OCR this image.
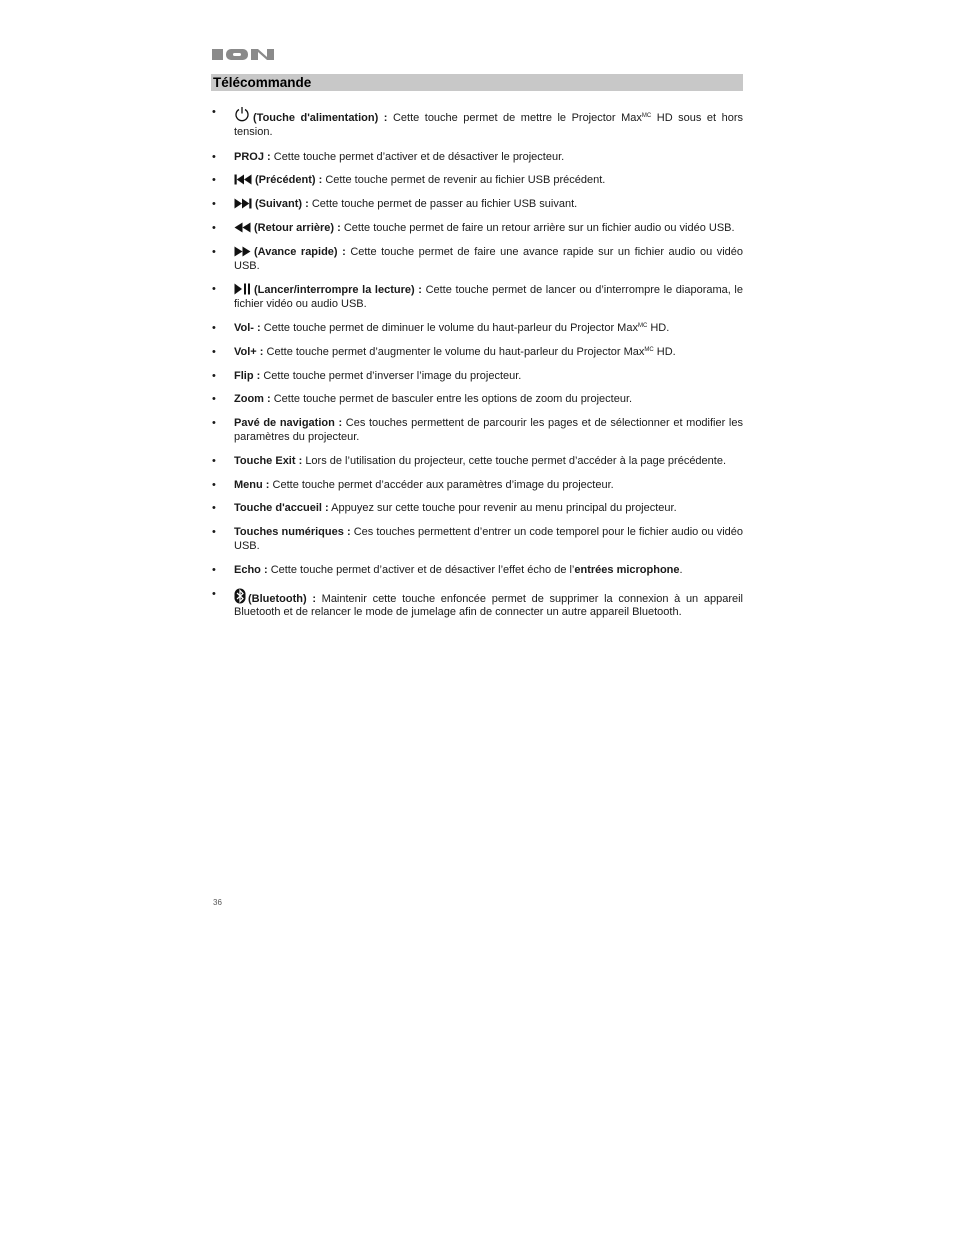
Télécommande
•	(Touche d'alimentation) : Cette touche permet de mettre le Projector Max$^{MC}$ HD sous et hors tension.
• PROJ : Cette touche permet d’activer et de désactiver le projecteur.
•	(Précédent) : Cette touche permet de revenir au fichier USB précédent.
•	(Suivant) : Cette touche permet de passer au fichier USB suivant.
•	(Retour arrière) : Cette touche permet de faire un retour arrière sur un fichier audio ou vidéo USB.
•	(Avance rapide) : Cette touche permet de faire une avance rapide sur un fichier audio ou vidéo USB.
•	(Lancer/interrompre la lecture) : Cette touche permet de lancer ou d’interrompre le diaporama, le fichier vidéo ou audio USB.
• Vol- : Cette touche permet de diminuer le volume du haut-parleur du Projector Max$^{MC}$ HD.
• Vol+ : Cette touche permet d’augmenter le volume du haut-parleur du Projector Max$^{MC}$ HD.
• Flip : Cette touche permet d’inverser l’image du projecteur.
• Zoom : Cette touche permet de basculer entre les options de zoom du projecteur.
• Pavé de navigation : Ces touches permettent de parcourir les pages et de sélectionner et modifier les paramètres du projecteur.
• Touche Exit : Lors de l’utilisation du projecteur, cette touche permet d’accéder à la page précédente.
• Menu : Cette touche permet d’accéder aux paramètres d’image du projecteur.
• Touche d'accueil : Appuyez sur cette touche pour revenir au menu principal du projecteur.
• Touches numériques : Ces touches permettent d’entrer un code temporel pour le fichier audio ou vidéo USB.
• Echo : Cette touche permet d’activer et de désactiver l’effet écho de l’entrées microphone.
•	(Bluetooth) : Maintenir cette touche enfoncée permet de supprimer la connexion à un appareil Bluetooth et de relancer le mode de jumelage afin de connecter un autre appareil Bluetooth.
36
